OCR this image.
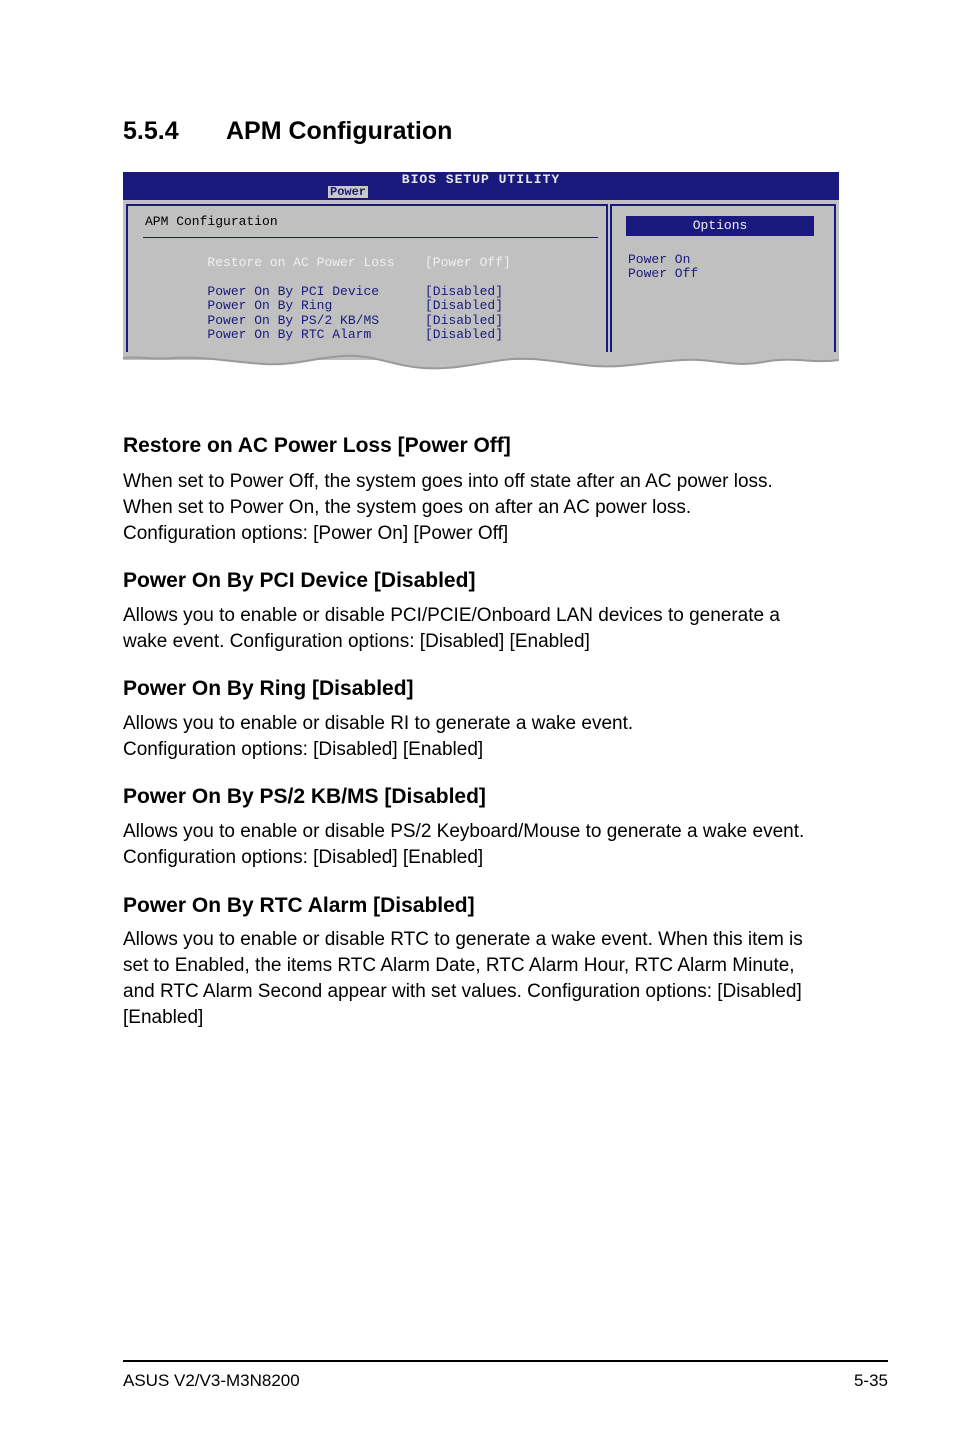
5.5.4 APM Configuration
BIOS SETUP UTILITY
Power
APM Configuration

Restore on AC Power Loss [Power Off]

Power On By PCI Device	[Disabled]

Power On By Ring	[Disabled]

Power On By PS/2 KB/MS	[Disabled]

Power On By RTC Alarm	[Disabled]

Options
Power On
Power Off
Restore on AC Power Loss [Power Off]

When set to Power Off, the system goes into off state after an AC power loss.
When set to Power On, the system goes on after an AC power loss.
Configuration options: [Power On] [Power Off]

Power On By PCI Device [Disabled]

Allows you to enable or disable PCI/PCIE/Onboard LAN devices to generate a
wake event. Configuration options: [Disabled] [Enabled]

Power On By Ring [Disabled]

Allows you to enable or disable RI to generate a wake event.
Configuration options: [Disabled] [Enabled]

Power On By PS/2 KB/MS [Disabled]

Allows you to enable or disable PS/2 Keyboard/Mouse to generate a wake event.
Configuration options: [Disabled] [Enabled]

Power On By RTC Alarm [Disabled]

Allows you to enable or disable RTC to generate a wake event. When this item is
set to Enabled, the items RTC Alarm Date, RTC Alarm Hour, RTC Alarm Minute,
and RTC Alarm Second appear with set values. Configuration options: [Disabled]
[Enabled]

ASUS V2/V3-M3N8200	5-35
